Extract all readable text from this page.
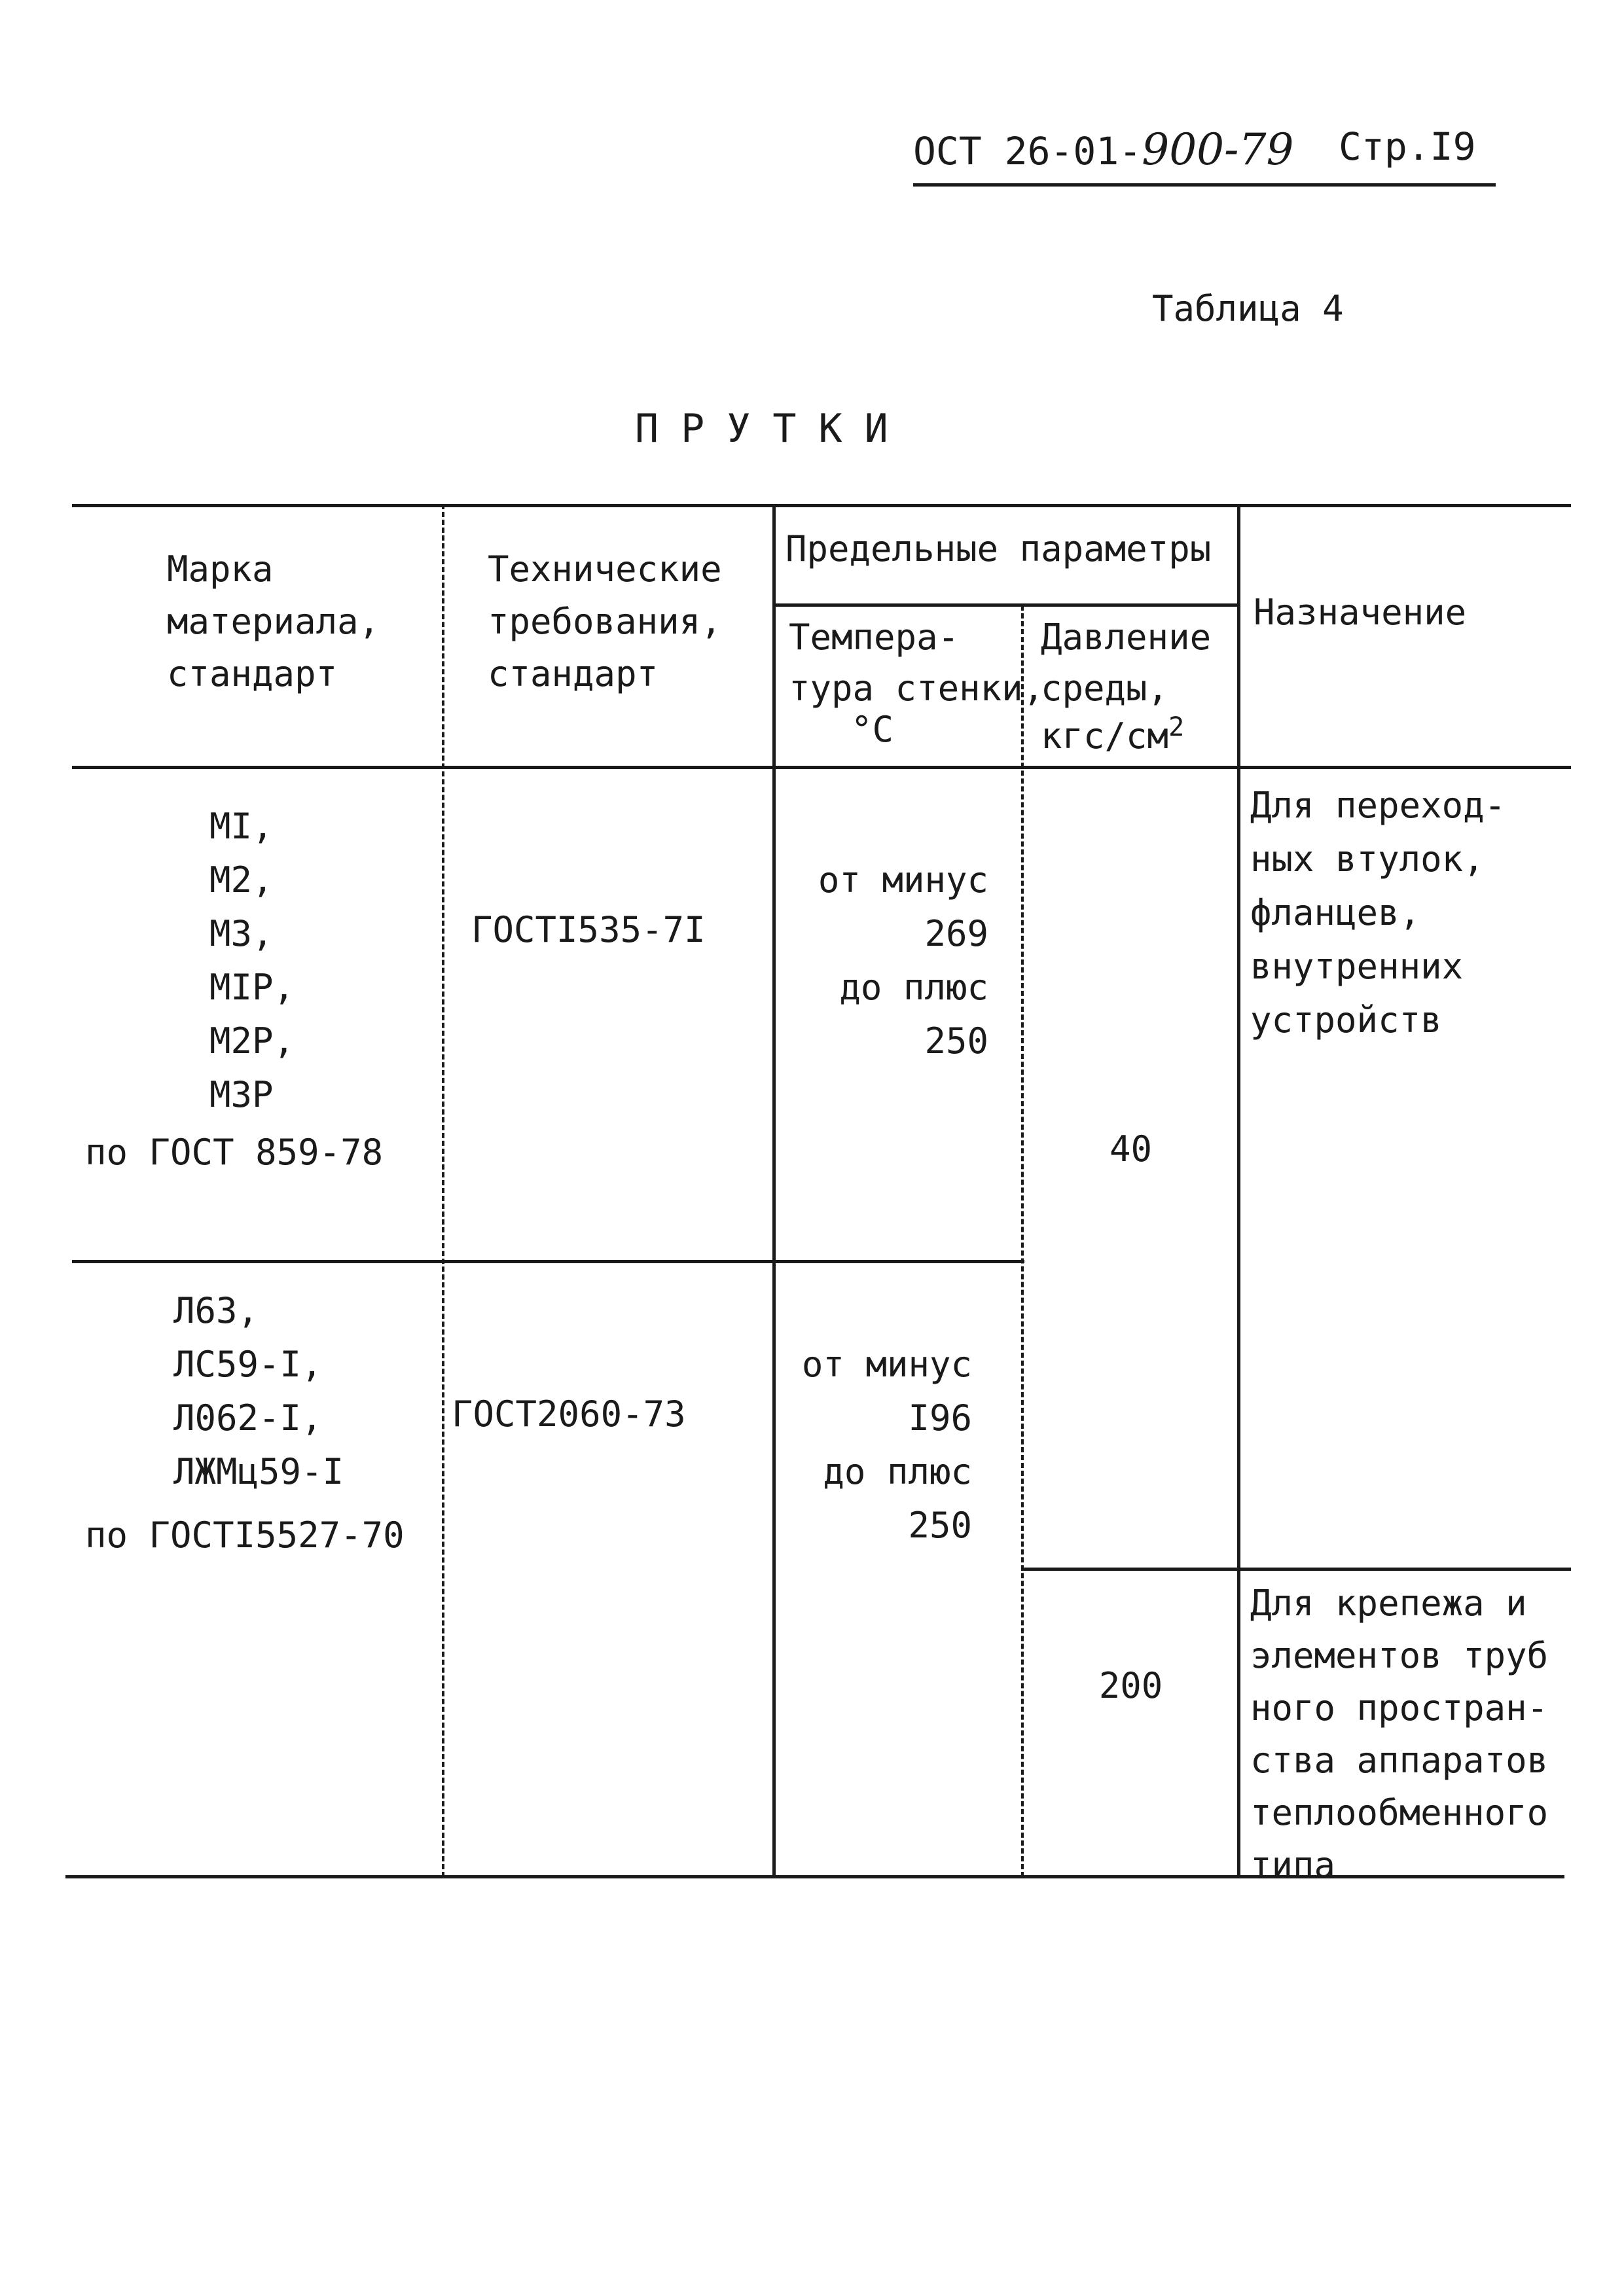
ОСТ 26-01-900-79 Стр.I9
Таблица 4
ПРУТКИ
Марка
материала,
стандарт
Технические
требования,
стандарт
Предельные параметры
Темпера-
тура стенки,
°C
Давление
среды,
кгс/$см^2$
Назначение
МI,
М2,
М3,
МIР,
М2Р,
М3Р
по ГОСТ 859-78
ГОСТI535-7I

от минус
269
до плюс
250

Л63,
ЛС59-I,
Л062-I,
ЛЖМц59-I
по ГОСТI5527-70
ГОСТ2060-73

от минус
I96
до плюс
250

40
Для переход-
ных втулок,
фланцев,
внутренних
устройств
200
Для крепежа и
элементов труб
ного простран-
ства аппаратов
теплообменного
типа
